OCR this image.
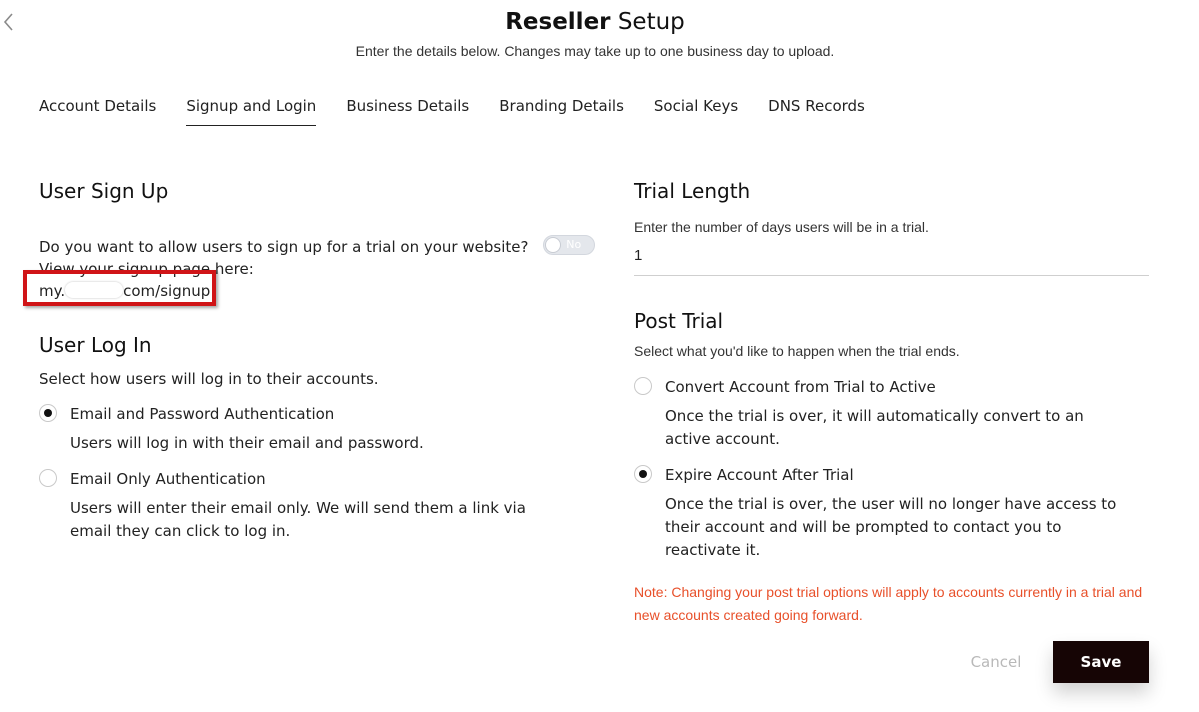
Reseller Setup
Enter the details below. Changes may take up to one business day to upload.
Account Details Signup and Login Business Details Branding Details Social Keys DNS Records
User Sign Up
Do you want to allow users to sign up for a trial on your website?	No
View your signup page here:
my.	com/signup
User Log In
Select how users will log in to their accounts.
Email and Password Authentication
Users will log in with their email and password.
Email Only Authentication
Users will enter their email only. We will send them a link via email they can click to log in.
Trial Length
Enter the number of days users will be in a trial.
1
Post Trial
Select what you'd like to happen when the trial ends.
Convert Account from Trial to Active
Once the trial is over, it will automatically convert to an active account.
Expire Account After Trial
Once the trial is over, the user will no longer have access to their account and will be prompted to contact you to reactivate it.
Note: Changing your post trial options will apply to accounts currently in a trial and new accounts created going forward.
Cancel	Save
